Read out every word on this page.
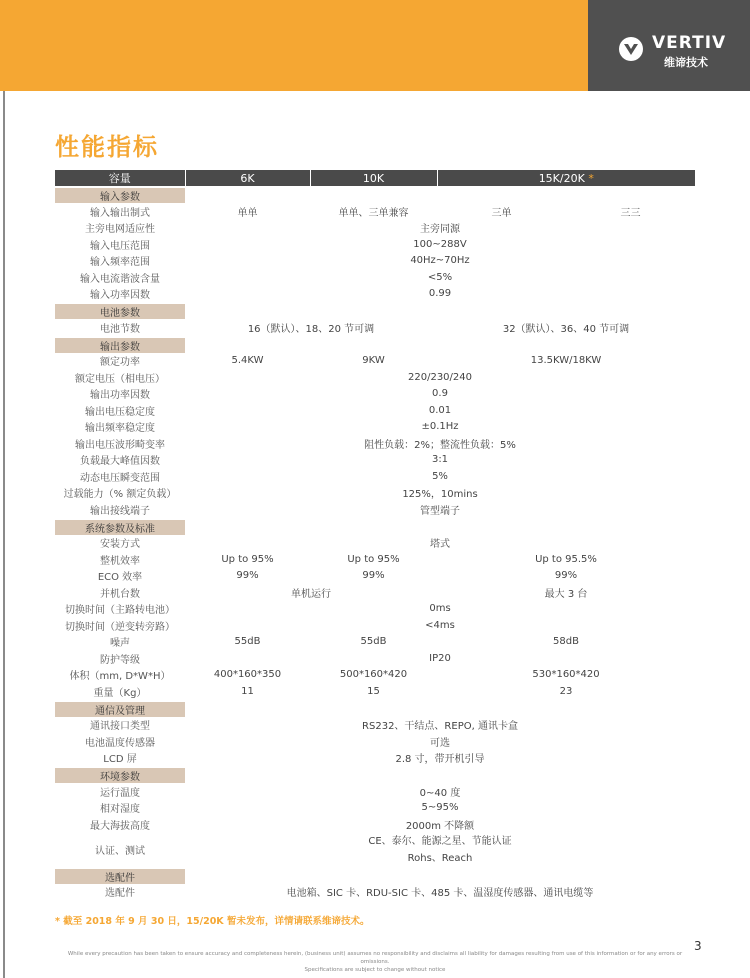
VERTIV
维谛技术
性能指标
容量	6K	10K	15K/20K *	
输入参数				
输入输出制式	单单	单单、三单兼容	三单	三三
主旁电网适应性	主旁同源			
输入电压范围	100~288V			
输入频率范围	40Hz~70Hz			
输入电流谐波含量	<5%			
输入功率因数	0.99			
电池参数				
电池节数	16（默认）、18、20 节可调		32（默认）、36、40 节可调	
输出参数				
额定功率	5.4KW	9KW	13.5KW/18KW	
额定电压（相电压）	220/230/240			
输出功率因数	0.9			
输出电压稳定度	0.01			
输出频率稳定度	±0.1Hz			
输出电压波形畸变率	阻性负载：2%；整流性负载：5%			
负载最大峰值因数	3:1			
动态电压瞬变范围	5%			
过载能力（% 额定负载）	125%，10mins			
输出接线端子	管型端子			
系统参数及标准				
安装方式	塔式			
整机效率	Up to 95%	Up to 95%	Up to 95.5%	
ECO 效率	99%	99%	99%	
并机台数	单机运行		最大 3 台	
切换时间（主路转电池）	0ms			
切换时间（逆变转旁路）	<4ms			
噪声	55dB	55dB	58dB	
防护等级	IP20			
体积（mm, D*W*H）	400*160*350	500*160*420	530*160*420	
重量（Kg）	11	15	23	
通信及管理				
通讯接口类型	RS232、干结点、REPO, 通讯卡盒			
电池温度传感器	可选			
LCD 屏	2.8 寸，带开机引导			
环境参数				
运行温度	0~40 度			
相对湿度	5~95%			
最大海拔高度	2000m 不降额			
认证、测试	CE、泰尔、能源之星、节能认证
Rohs、Reach			

选配件				
选配件	电池箱、SIC 卡、RDU-SIC 卡、485 卡、温湿度传感器、通讯电缆等			
* 截至 2018 年 9 月 30 日，15/20K 暂未发布，详情请联系维谛技术。
While every precaution has been taken to ensure accuracy and completeness herein, (business unit) assumes no responsibility and disclaims all liability for damages resulting from use of this information or for any errors or omissions.
Specifications are subject to change without notice
3
